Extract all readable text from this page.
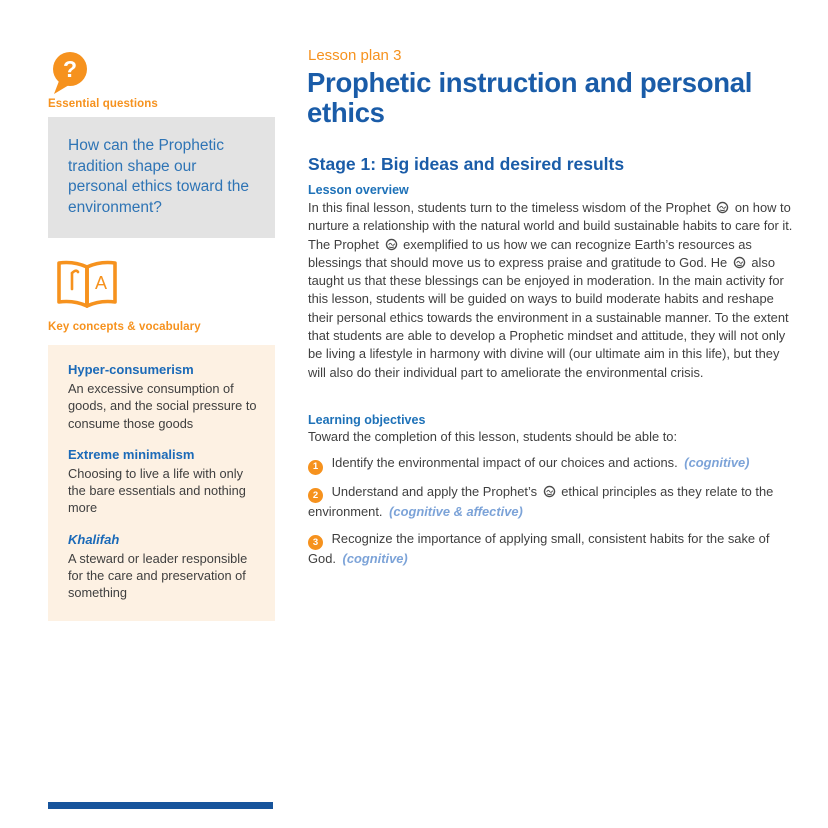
?
Essential questions

How can the Prophetic tradition shape our personal ethics toward the environment?

A
Key concepts & vocabulary

Hyper-consumerism

An excessive consumption of goods, and the social pressure to consume those goods

Extreme minimalism

Choosing to live a life with only the bare essentials and nothing more

Khalifah

A steward or leader responsible for the care and preservation of something

Lesson plan 3
Prophetic instruction and personal ethics
Stage 1: Big ideas and desired results
Lesson overview

In this final lesson, students turn to the timeless wisdom of the Prophet on how to nurture a relationship with the natural world and build sustainable habits to care for it. The Prophet exemplified to us how we can recognize Earth’s resources as blessings that should move us to express praise and gratitude to God. He also taught us that these blessings can be enjoyed in moderation. In the main activity for this lesson, students will be guided on ways to build moderate habits and reshape their personal ethics towards the environment in a sustainable manner. To the extent that students are able to develop a Prophetic mindset and attitude, they will not only be living a lifestyle in harmony with divine will (our ultimate aim in this life), but they will also do their individual part to ameliorate the environmental crisis.

Learning objectives

Toward the completion of this lesson, students should be able to:

1 Identify the environmental impact of our choices and actions. (cognitive)
2 Understand and apply the Prophet’s ethical principles as they relate to the environment. (cognitive & affective)
3 Recognize the importance of applying small, consistent habits for the sake of God. (cognitive)
